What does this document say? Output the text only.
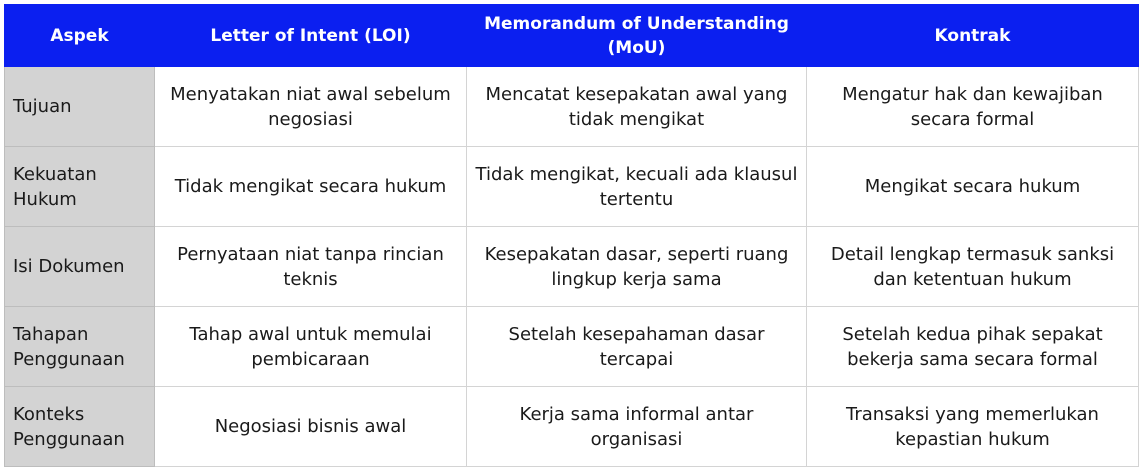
Aspek	Letter of Intent (LOI)	Memorandum of Understanding (MoU)	Kontrak
Tujuan	Menyatakan niat awal sebelum negosiasi	Mencatat kesepakatan awal yang tidak mengikat	Mengatur hak dan kewajiban secara formal
Kekuatan Hukum	Tidak mengikat secara hukum	Tidak mengikat, kecuali ada klausul tertentu	Mengikat secara hukum
Isi Dokumen	Pernyataan niat tanpa rincian teknis	Kesepakatan dasar, seperti ruang lingkup kerja sama	Detail lengkap termasuk sanksi dan ketentuan hukum
Tahapan Penggunaan	Tahap awal untuk memulai pembicaraan	Setelah kesepahaman dasar tercapai	Setelah kedua pihak sepakat bekerja sama secara formal
Konteks Penggunaan	Negosiasi bisnis awal	Kerja sama informal antar organisasi	Transaksi yang memerlukan kepastian hukum
